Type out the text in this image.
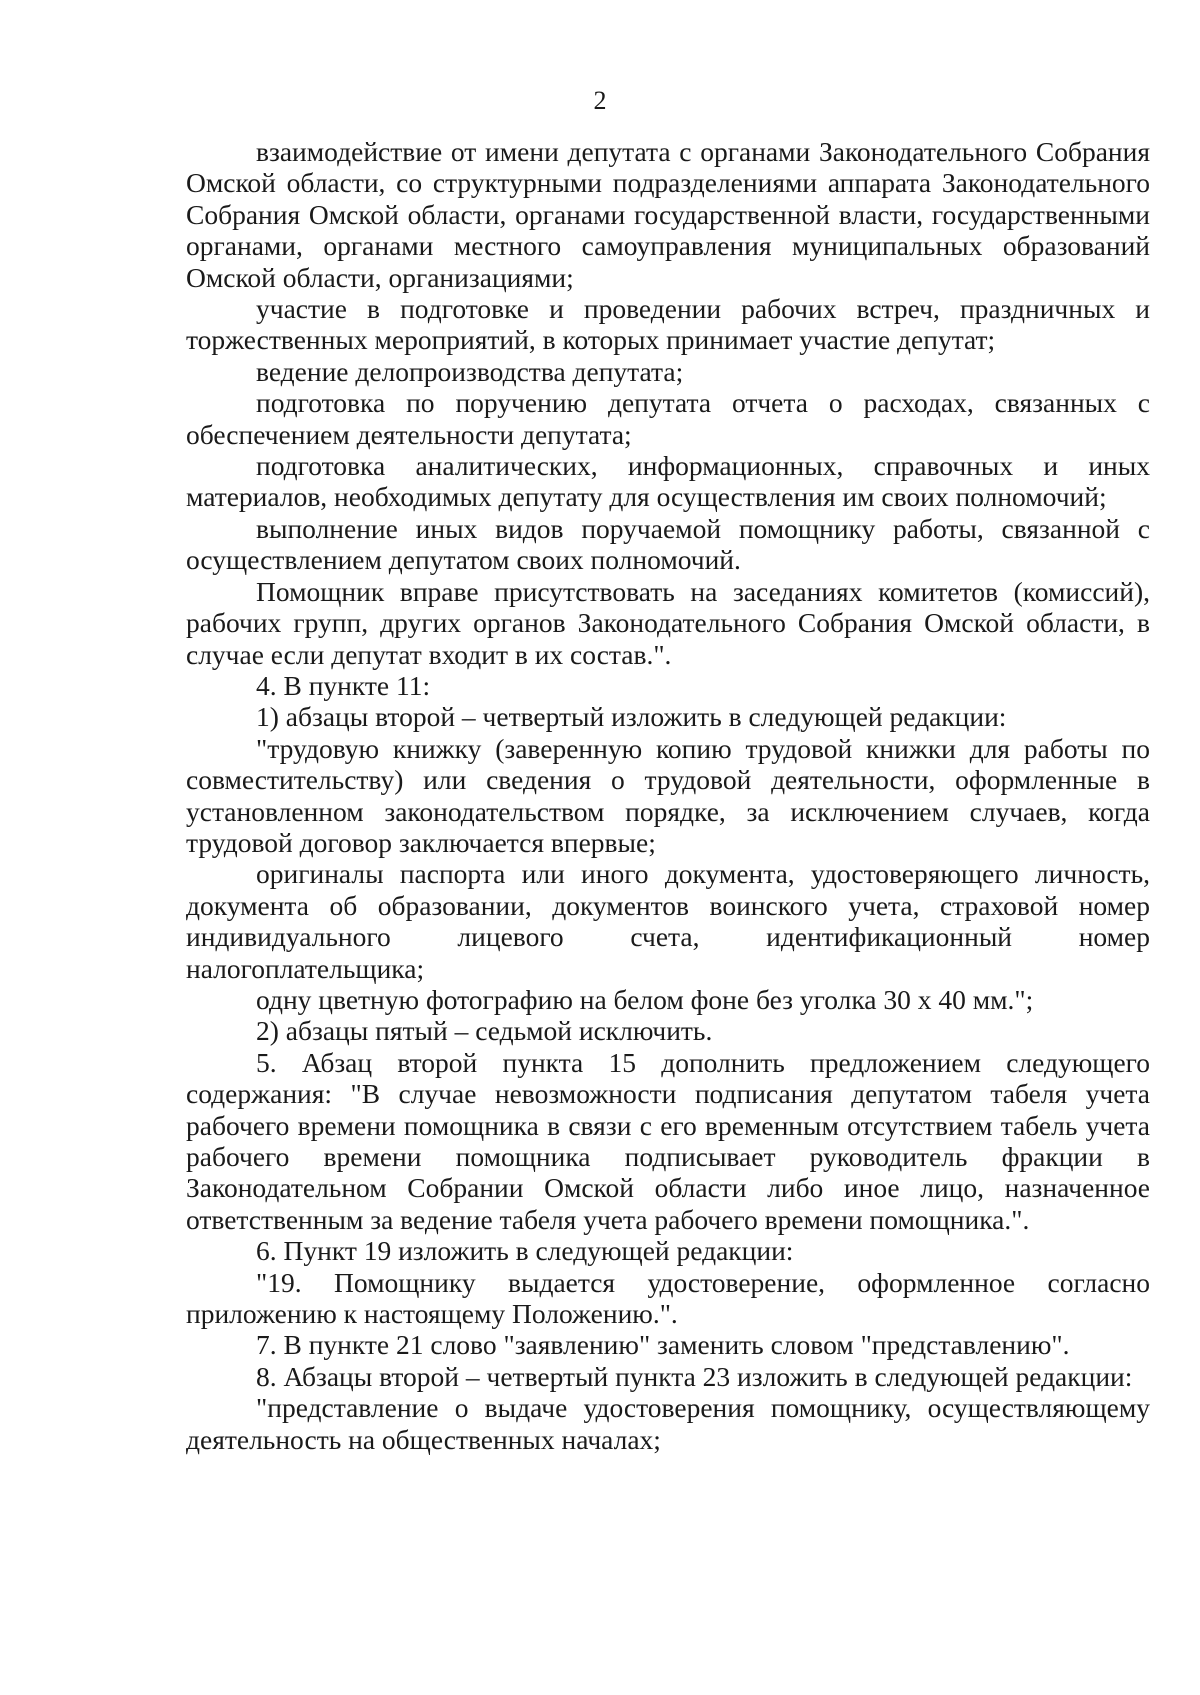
2

взаимодействие от имени депутата с органами Законодательного Собрания Омской области, со структурными подразделениями аппарата Законодательного Собрания Омской области, органами государственной власти, государственными органами, органами местного самоуправления муниципальных образований Омской области, организациями;

участие в подготовке и проведении рабочих встреч, праздничных и торжественных мероприятий, в которых принимает участие депутат;

ведение делопроизводства депутата;

подготовка по поручению депутата отчета о расходах, связанных с обеспечением деятельности депутата;

подготовка аналитических, информационных, справочных и иных материалов, необходимых депутату для осуществления им своих полномочий;

выполнение иных видов поручаемой помощнику работы, связанной с осуществлением депутатом своих полномочий.

Помощник вправе присутствовать на заседаниях комитетов (комиссий), рабочих групп, других органов Законодательного Собрания Омской области, в случае если депутат входит в их состав.".

4. В пункте 11:

1) абзацы второй – четвертый изложить в следующей редакции:

"трудовую книжку (заверенную копию трудовой книжки для работы по совместительству) или сведения о трудовой деятельности, оформленные в установленном законодательством порядке, за исключением случаев, когда трудовой договор заключается впервые;

оригиналы паспорта или иного документа, удостоверяющего личность, документа об образовании, документов воинского учета, страховой номер индивидуального лицевого счета, идентификационный номер налогоплательщика;

одну цветную фотографию на белом фоне без уголка 30 х 40 мм.";

2) абзацы пятый – седьмой исключить.

5. Абзац второй пункта 15 дополнить предложением следующего содержания: "В случае невозможности подписания депутатом табеля учета рабочего времени помощника в связи с его временным отсутствием табель учета рабочего времени помощника подписывает руководитель фракции в Законодательном Собрании Омской области либо иное лицо, назначенное ответственным за ведение табеля учета рабочего времени помощника.".

6. Пункт 19 изложить в следующей редакции:

"19. Помощнику выдается удостоверение, оформленное согласно приложению к настоящему Положению.".

7. В пункте 21 слово "заявлению" заменить словом "представлению".

8. Абзацы второй – четвертый пункта 23 изложить в следующей редакции:

"представление о выдаче удостоверения помощнику, осуществляющему деятельность на общественных началах;
